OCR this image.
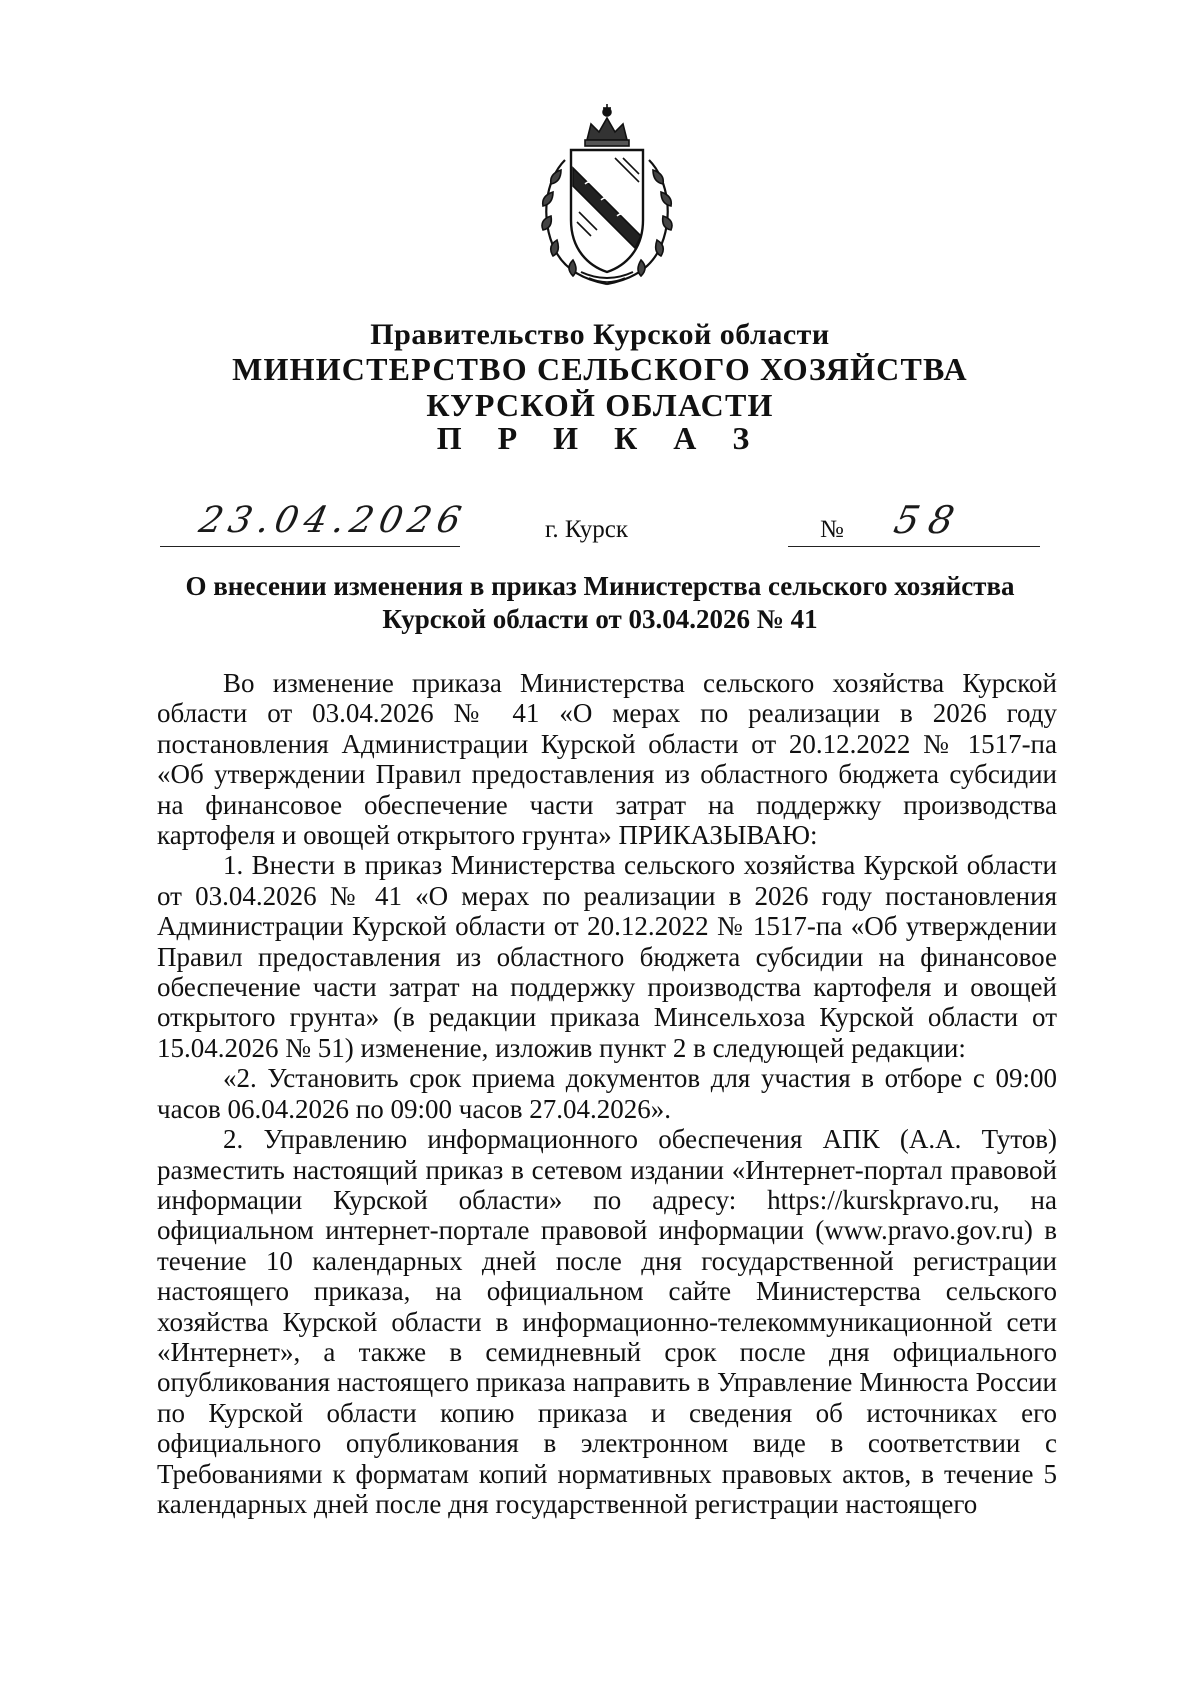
Правительство Курской области
МИНИСТЕРСТВО СЕЛЬСКОГО ХОЗЯЙСТВА
КУРСКОЙ ОБЛАСТИ
П Р И К А З
23.04.2026	г. Курск	№ 58
О внесении изменения в приказ Министерства сельского хозяйства
Курской области от 03.04.2026 № 41

Во изменение приказа Министерства сельского хозяйства Курской области от 03.04.2026 № 41 «О мерах по реализации в 2026 году постановления Администрации Курской области от 20.12.2022 № 1517-па «Об утверждении Правил предоставления из областного бюджета субсидии на финансовое обеспечение части затрат на поддержку производства картофеля и овощей открытого грунта» ПРИКАЗЫВАЮ:

1. Внести в приказ Министерства сельского хозяйства Курской области от 03.04.2026 № 41 «О мерах по реализации в 2026 году постановления Администрации Курской области от 20.12.2022 № 1517-па «Об утверждении Правил предоставления из областного бюджета субсидии на финансовое обеспечение части затрат на поддержку производства картофеля и овощей открытого грунта» (в редакции приказа Минсельхоза Курской области от 15.04.2026 № 51) изменение, изложив пункт 2 в следующей редакции:

«2. Установить срок приема документов для участия в отборе с 09:00 часов 06.04.2026 по 09:00 часов 27.04.2026».

2. Управлению информационного обеспечения АПК (А.А. Тутов) разместить настоящий приказ в сетевом издании «Интернет-портал правовой информации Курской области» по адресу: https://kurskpravo.ru, на официальном интернет-портале правовой информации (www.pravo.gov.ru) в течение 10 календарных дней после дня государственной регистрации настоящего приказа, на официальном сайте Министерства сельского хозяйства Курской области в информационно-телекоммуникационной сети «Интернет», а также в семидневный срок после дня официального опубликования настоящего приказа направить в Управление Минюста России по Курской области копию приказа и сведения об источниках его официального опубликования в электронном виде в соответствии с Требованиями к форматам копий нормативных правовых актов, в течение 5 календарных дней после дня государственной регистрации настоящего
